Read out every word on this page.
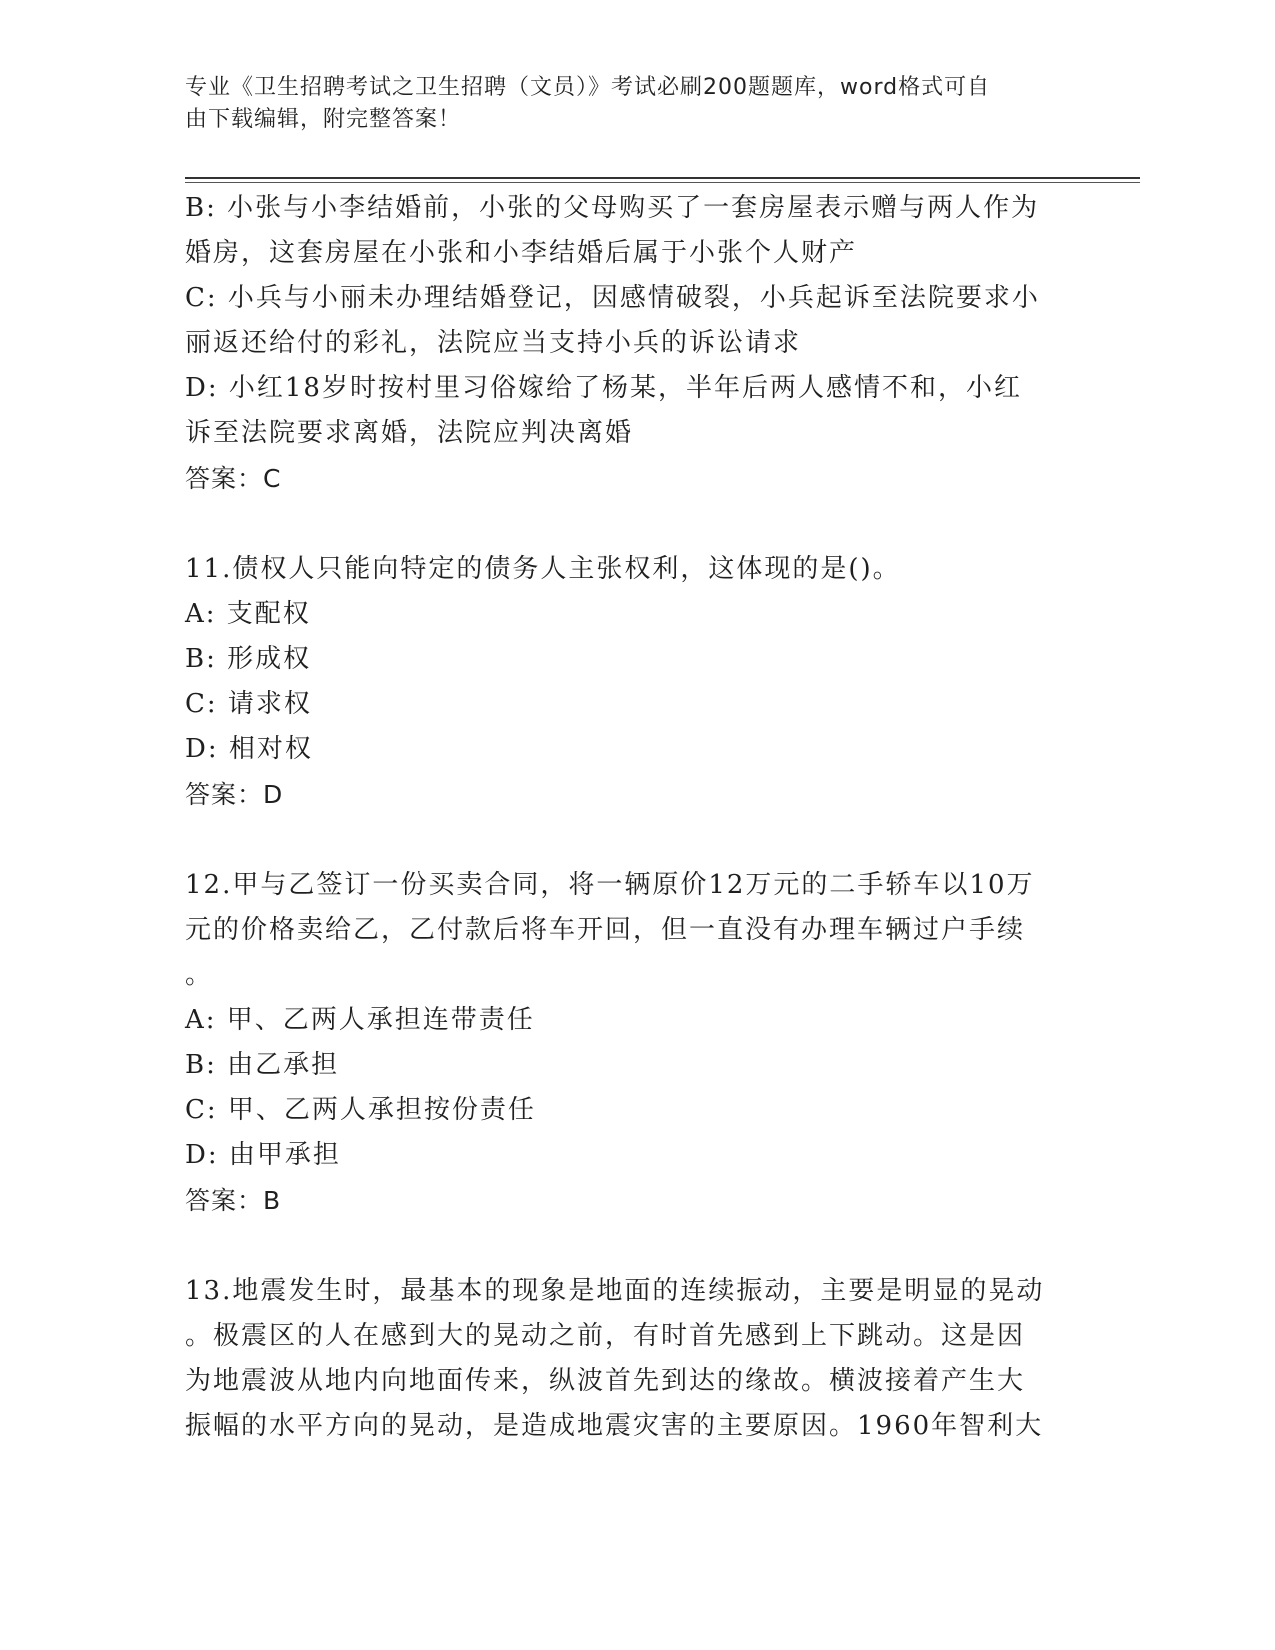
专业《卫生招聘考试之卫生招聘（文员）》考试必刷200题题库，word格式可自
由下载编辑，附完整答案！
B: 小张与小李结婚前，小张的父母购买了一套房屋表示赠与两人作为
婚房，这套房屋在小张和小李结婚后属于小张个人财产
C: 小兵与小丽未办理结婚登记，因感情破裂，小兵起诉至法院要求小
丽返还给付的彩礼，法院应当支持小兵的诉讼请求
D: 小红18岁时按村里习俗嫁给了杨某，半年后两人感情不和，小红
诉至法院要求离婚，法院应判决离婚
答案：C
11.债权人只能向特定的债务人主张权利，这体现的是()。
A: 支配权
B: 形成权
C: 请求权
D: 相对权
答案：D
12.甲与乙签订一份买卖合同，将一辆原价12万元的二手轿车以10万
元的价格卖给乙，乙付款后将车开回，但一直没有办理车辆过户手续
。
A: 甲、乙两人承担连带责任
B: 由乙承担
C: 甲、乙两人承担按份责任
D: 由甲承担
答案：B
13.地震发生时，最基本的现象是地面的连续振动，主要是明显的晃动
。极震区的人在感到大的晃动之前，有时首先感到上下跳动。这是因
为地震波从地内向地面传来，纵波首先到达的缘故。横波接着产生大
振幅的水平方向的晃动，是造成地震灾害的主要原因。1960年智利大
